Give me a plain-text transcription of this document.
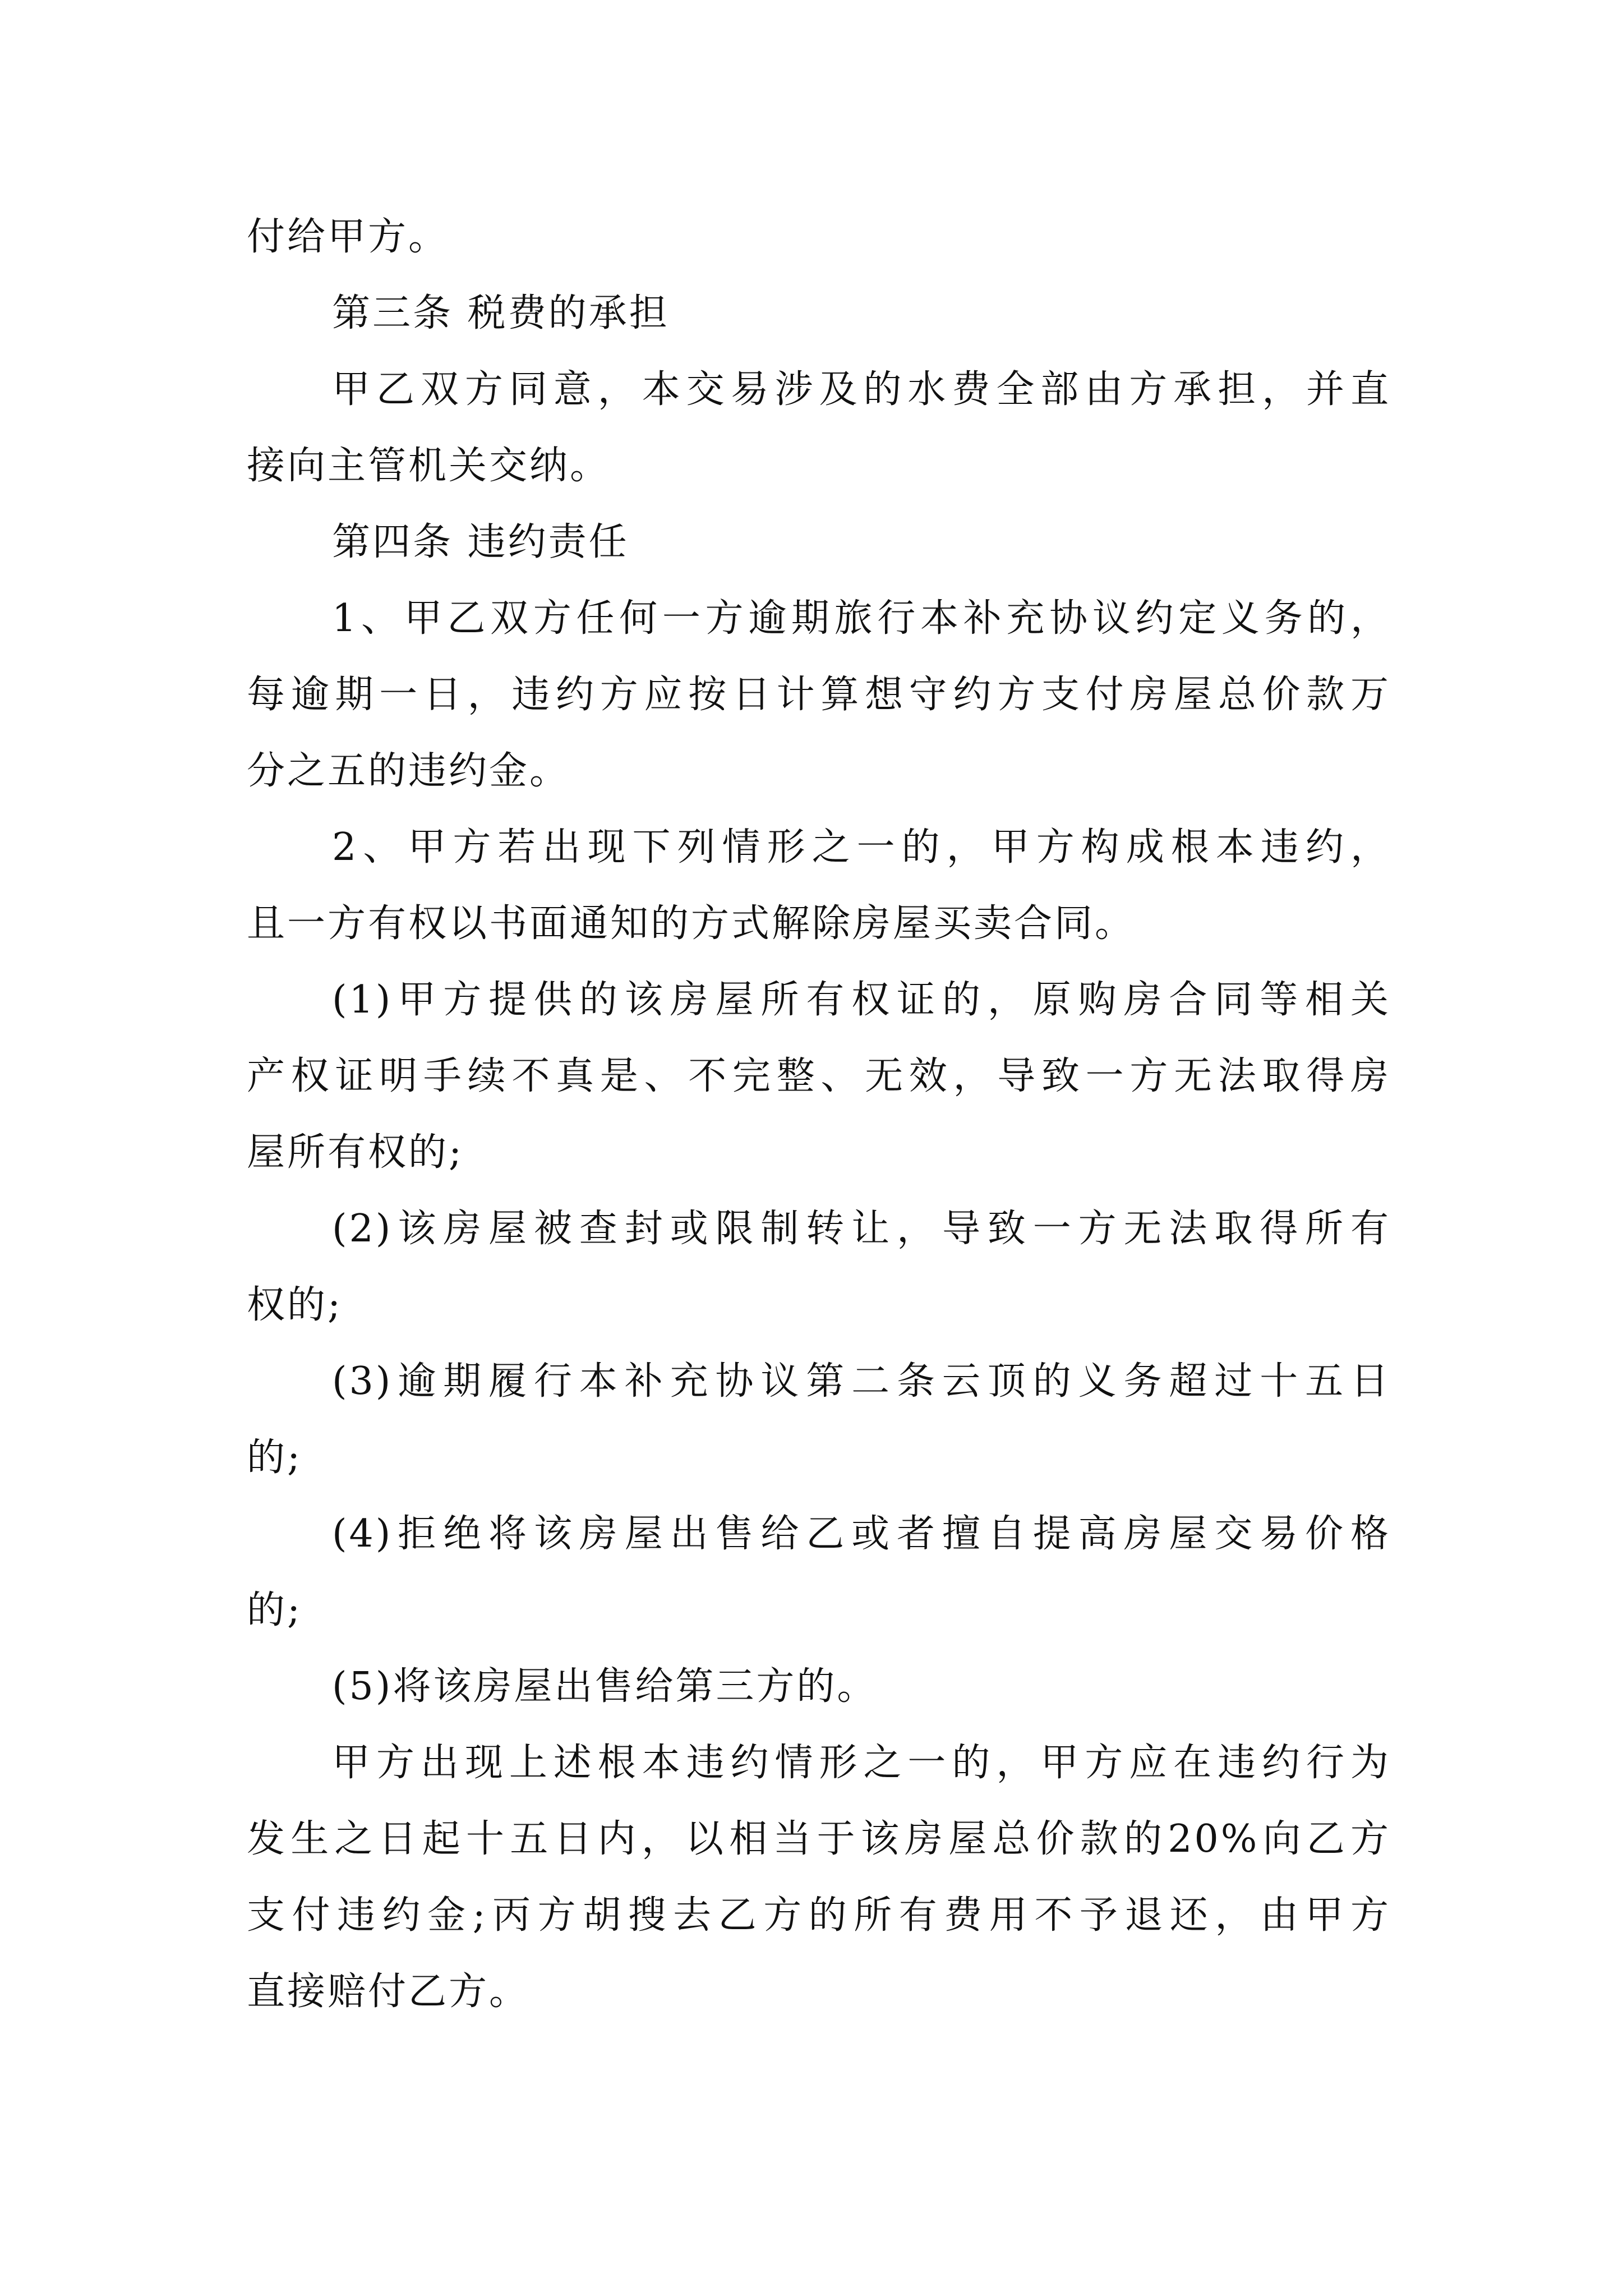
付给甲方。
第三条 税费的承担
甲乙双方同意，本交易涉及的水费全部由方承担，并直
接向主管机关交纳。
第四条 违约责任
1、甲乙双方任何一方逾期旅行本补充协议约定义务的，
每逾期一日，违约方应按日计算想守约方支付房屋总价款万
分之五的违约金。
2、甲方若出现下列情形之一的，甲方构成根本违约，
且一方有权以书面通知的方式解除房屋买卖合同。
(1)甲方提供的该房屋所有权证的，原购房合同等相关
产权证明手续不真是、不完整、无效，导致一方无法取得房
屋所有权的;
(2)该房屋被查封或限制转让，导致一方无法取得所有
权的;
(3)逾期履行本补充协议第二条云顶的义务超过十五日
的;
(4)拒绝将该房屋出售给乙或者擅自提高房屋交易价格
的;
(5)将该房屋出售给第三方的。
甲方出现上述根本违约情形之一的，甲方应在违约行为
发生之日起十五日内，以相当于该房屋总价款的20%向乙方
支付违约金;丙方胡搜去乙方的所有费用不予退还，由甲方
直接赔付乙方。
